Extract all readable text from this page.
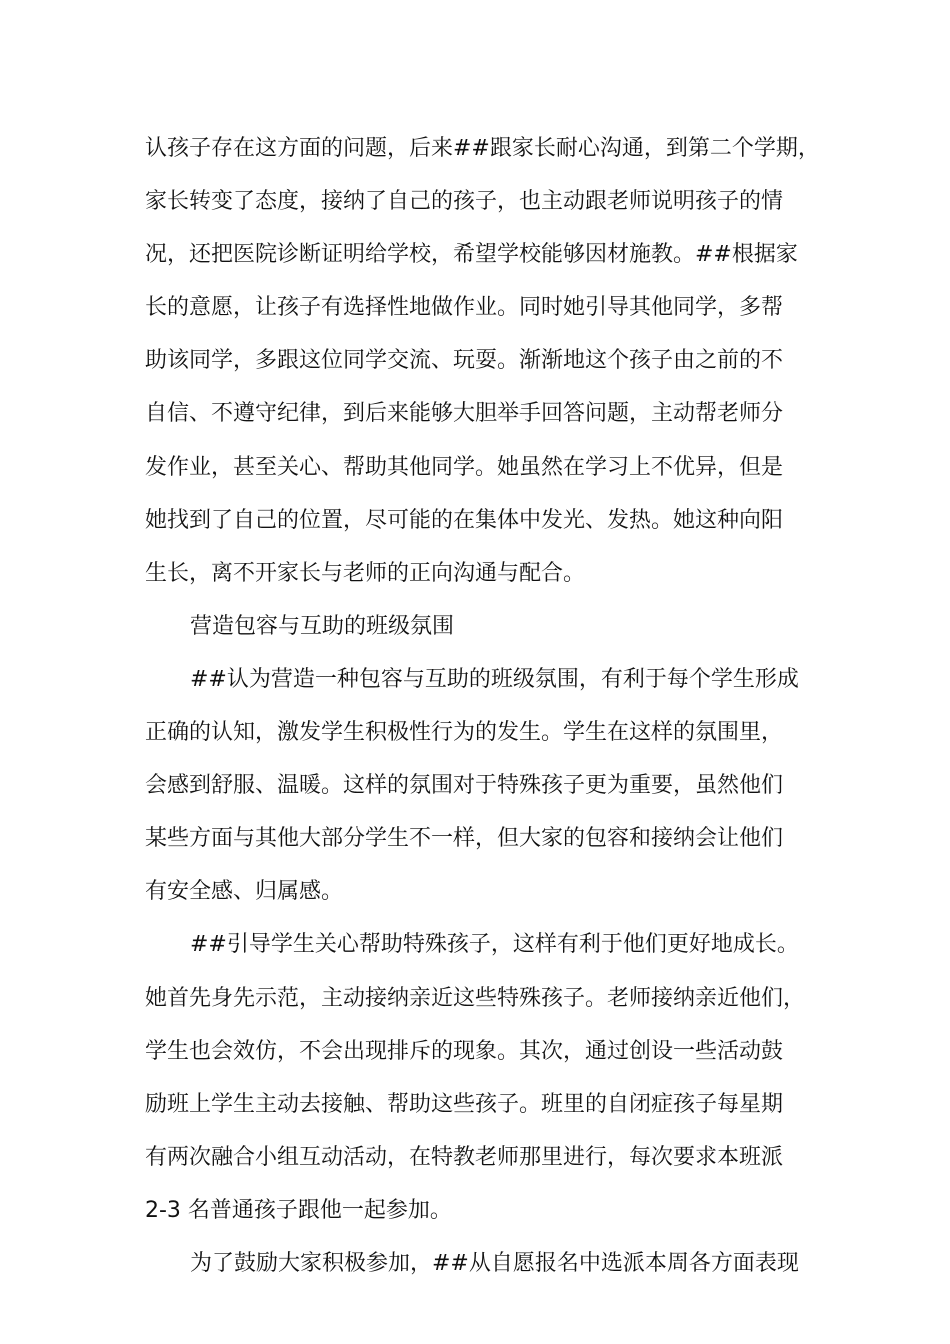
认孩子存在这方面的问题，后来##跟家长耐心沟通，到第二个学期，
家长转变了态度，接纳了自己的孩子，也主动跟老师说明孩子的情
况，还把医院诊断证明给学校，希望学校能够因材施教。##根据家
长的意愿，让孩子有选择性地做作业。同时她引导其他同学，多帮
助该同学，多跟这位同学交流、玩耍。渐渐地这个孩子由之前的不
自信、不遵守纪律，到后来能够大胆举手回答问题，主动帮老师分
发作业，甚至关心、帮助其他同学。她虽然在学习上不优异，但是
她找到了自己的位置，尽可能的在集体中发光、发热。她这种向阳
生长，离不开家长与老师的正向沟通与配合。
营造包容与互助的班级氛围
##认为营造一种包容与互助的班级氛围，有利于每个学生形成
正确的认知，激发学生积极性行为的发生。学生在这样的氛围里，
会感到舒服、温暖。这样的氛围对于特殊孩子更为重要，虽然他们
某些方面与其他大部分学生不一样，但大家的包容和接纳会让他们
有安全感、归属感。
##引导学生关心帮助特殊孩子，这样有利于他们更好地成长。
她首先身先示范，主动接纳亲近这些特殊孩子。老师接纳亲近他们，
学生也会效仿，不会出现排斥的现象。其次，通过创设一些活动鼓
励班上学生主动去接触、帮助这些孩子。班里的自闭症孩子每星期
有两次融合小组互动活动，在特教老师那里进行，每次要求本班派
2-3 名普通孩子跟他一起参加。
为了鼓励大家积极参加，##从自愿报名中选派本周各方面表现
